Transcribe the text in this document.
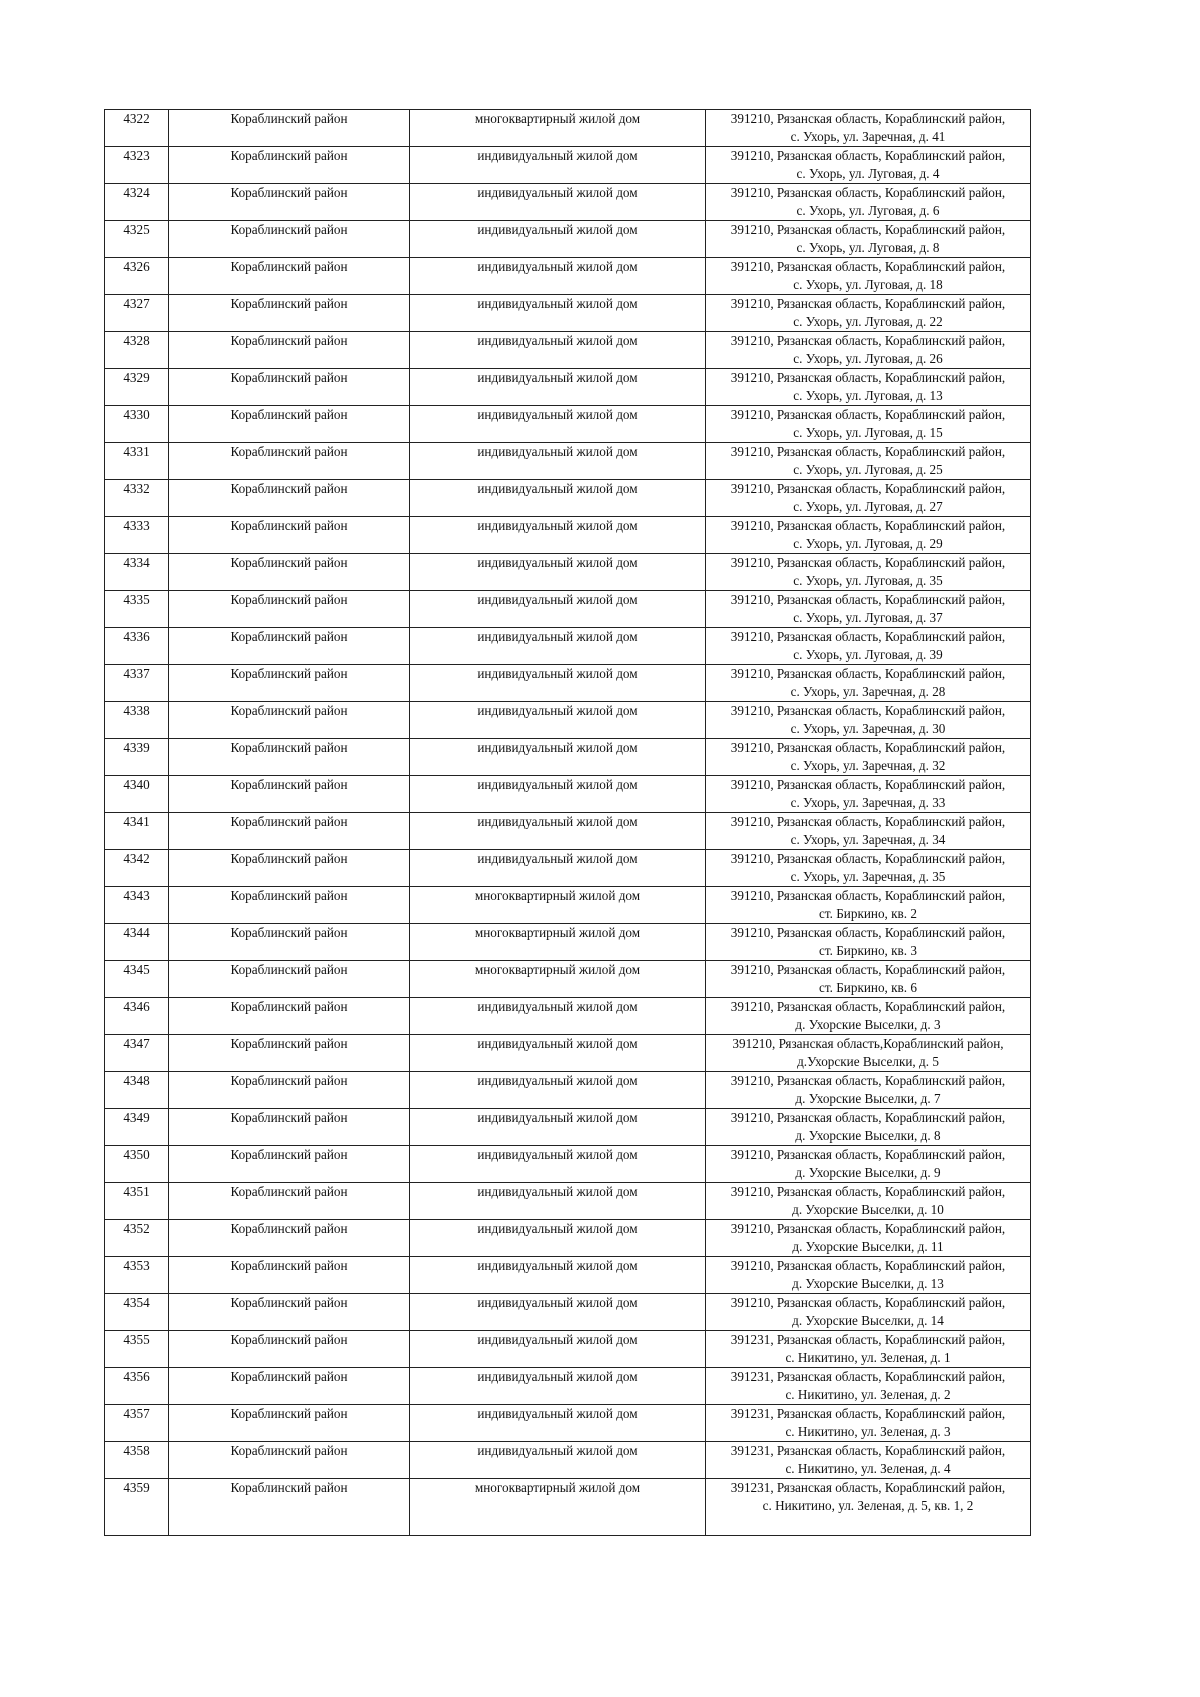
4322	Кораблинский район	многоквартирный жилой дом	391210, Рязанская область, Кораблинский район,
с. Ухорь, ул. Заречная, д. 41

4323	Кораблинский район	индивидуальный жилой дом	391210, Рязанская область, Кораблинский район,
с. Ухорь, ул. Луговая, д. 4

4324	Кораблинский район	индивидуальный жилой дом	391210, Рязанская область, Кораблинский район,
с. Ухорь, ул. Луговая, д. 6

4325	Кораблинский район	индивидуальный жилой дом	391210, Рязанская область, Кораблинский район,
с. Ухорь, ул. Луговая, д. 8

4326	Кораблинский район	индивидуальный жилой дом	391210, Рязанская область, Кораблинский район,
с. Ухорь, ул. Луговая, д. 18

4327	Кораблинский район	индивидуальный жилой дом	391210, Рязанская область, Кораблинский район,
с. Ухорь, ул. Луговая, д. 22

4328	Кораблинский район	индивидуальный жилой дом	391210, Рязанская область, Кораблинский район,
с. Ухорь, ул. Луговая, д. 26

4329	Кораблинский район	индивидуальный жилой дом	391210, Рязанская область, Кораблинский район,
с. Ухорь, ул. Луговая, д. 13

4330	Кораблинский район	индивидуальный жилой дом	391210, Рязанская область, Кораблинский район,
с. Ухорь, ул. Луговая, д. 15

4331	Кораблинский район	индивидуальный жилой дом	391210, Рязанская область, Кораблинский район,
с. Ухорь, ул. Луговая, д. 25

4332	Кораблинский район	индивидуальный жилой дом	391210, Рязанская область, Кораблинский район,
с. Ухорь, ул. Луговая, д. 27

4333	Кораблинский район	индивидуальный жилой дом	391210, Рязанская область, Кораблинский район,
с. Ухорь, ул. Луговая, д. 29

4334	Кораблинский район	индивидуальный жилой дом	391210, Рязанская область, Кораблинский район,
с. Ухорь, ул. Луговая, д. 35

4335	Кораблинский район	индивидуальный жилой дом	391210, Рязанская область, Кораблинский район,
с. Ухорь, ул. Луговая, д. 37

4336	Кораблинский район	индивидуальный жилой дом	391210, Рязанская область, Кораблинский район,
с. Ухорь, ул. Луговая, д. 39

4337	Кораблинский район	индивидуальный жилой дом	391210, Рязанская область, Кораблинский район,
с. Ухорь, ул. Заречная, д. 28

4338	Кораблинский район	индивидуальный жилой дом	391210, Рязанская область, Кораблинский район,
с. Ухорь, ул. Заречная, д. 30

4339	Кораблинский район	индивидуальный жилой дом	391210, Рязанская область, Кораблинский район,
с. Ухорь, ул. Заречная, д. 32

4340	Кораблинский район	индивидуальный жилой дом	391210, Рязанская область, Кораблинский район,
с. Ухорь, ул. Заречная, д. 33

4341	Кораблинский район	индивидуальный жилой дом	391210, Рязанская область, Кораблинский район,
с. Ухорь, ул. Заречная, д. 34

4342	Кораблинский район	индивидуальный жилой дом	391210, Рязанская область, Кораблинский район,
с. Ухорь, ул. Заречная, д. 35

4343	Кораблинский район	многоквартирный жилой дом	391210, Рязанская область, Кораблинский район,
ст. Биркино, кв. 2

4344	Кораблинский район	многоквартирный жилой дом	391210, Рязанская область, Кораблинский район,
ст. Биркино, кв. 3

4345	Кораблинский район	многоквартирный жилой дом	391210, Рязанская область, Кораблинский район,
ст. Биркино, кв. 6

4346	Кораблинский район	индивидуальный жилой дом	391210, Рязанская область, Кораблинский район,
д. Ухорские Выселки, д. 3

4347	Кораблинский район	индивидуальный жилой дом	391210, Рязанская область,Кораблинский район,
д.Ухорские Выселки, д. 5

4348	Кораблинский район	индивидуальный жилой дом	391210, Рязанская область, Кораблинский район,
д. Ухорские Выселки, д. 7

4349	Кораблинский район	индивидуальный жилой дом	391210, Рязанская область, Кораблинский район,
д. Ухорские Выселки, д. 8

4350	Кораблинский район	индивидуальный жилой дом	391210, Рязанская область, Кораблинский район,
д. Ухорские Выселки, д. 9

4351	Кораблинский район	индивидуальный жилой дом	391210, Рязанская область, Кораблинский район,
д. Ухорские Выселки, д. 10

4352	Кораблинский район	индивидуальный жилой дом	391210, Рязанская область, Кораблинский район,
д. Ухорские Выселки, д. 11

4353	Кораблинский район	индивидуальный жилой дом	391210, Рязанская область, Кораблинский район,
д. Ухорские Выселки, д. 13

4354	Кораблинский район	индивидуальный жилой дом	391210, Рязанская область, Кораблинский район,
д. Ухорские Выселки, д. 14

4355	Кораблинский район	индивидуальный жилой дом	391231, Рязанская область, Кораблинский район,
с. Никитино, ул. Зеленая, д. 1

4356	Кораблинский район	индивидуальный жилой дом	391231, Рязанская область, Кораблинский район,
с. Никитино, ул. Зеленая, д. 2

4357	Кораблинский район	индивидуальный жилой дом	391231, Рязанская область, Кораблинский район,
с. Никитино, ул. Зеленая, д. 3

4358	Кораблинский район	индивидуальный жилой дом	391231, Рязанская область, Кораблинский район,
с. Никитино, ул. Зеленая, д. 4

4359	Кораблинский район	многоквартирный жилой дом	391231, Рязанская область, Кораблинский район,
с. Никитино, ул. Зеленая, д. 5, кв. 1, 2
